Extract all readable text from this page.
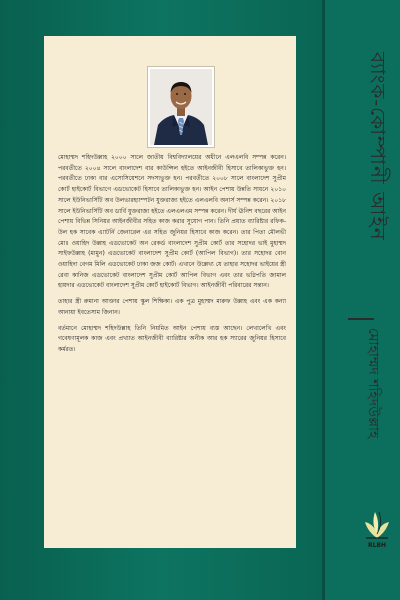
মোহাম্মদ শহিদউল্লাহ ২০০০ সালে জাতীয় বিশ্ববিদ্যালয়ের অধীনে এলএলবি সম্পন্ন করেন। পরবর্তীতে ২০০৪ সালে বাংলাদেশ বার কাউন্সিল হইতে আইনজীবী হিসাবে তালিকাভুক্ত হন। পরবর্তীতে ঢাকা বার এসোসিয়েশনে সদস্যভুক্ত হন। পরবর্তীতে ২০০৮ সালে বাংলাদেশ সুপ্রীম কোর্ট হাইকোর্ট বিভাগে এডভোকেট হিসাবে তালিকাভুক্ত হন। আইন পেশায় উন্নতি সাধনে ২০১০ সালে ইউনিভার্সিটি অব উলভারহ্যাম্পটন যুক্তরাজ্য হইতে এলএলবি অনার্স সম্পন্ন করেন। ২০১৮ সালে ইউনিভার্সিটি অব ডার্বি যুক্তরাজ্য হইতে এলএলএম সম্পন্ন করেন। দীর্ঘ ঊনিশ বছরের আইন পেশায় বিভিন্ন সিনিয়র আইনজীবীর সহিত কাজ করার সুযোগ পান। তিনি প্রয়াত ব্যারিষ্টার রফিক-উল হক সাবেক এ্যাটর্নি জেনারেল এর সহিত জুনিয়র হিসাবে কাজ করেন। তার পিতা মৌলভী মোঃ ওয়াহিদ উল্লাহ এডভোকেট অন রেকর্ড বাংলাদেশ সুপ্রীম কোর্ট তার সহোদর ভাই মুহাম্মদ সাইফউল্লাহ (মামুন) এডভোকেট বাংলাদেশ সুপ্রীম কোর্ট (আপিল বিভাগ)। তার সহোদর বোন ওয়াহিদা বেগম মিলি এডভোকেট ঢাকা জজ কোর্ট। এখানে উল্লেখ্য যে তাহার সহোদর ভাইয়ের স্ত্রী রেবা কানিজ এডভোকেট বাংলাদেশ সুপ্রীম কোর্ট আপিল বিভাগ এবং তার ভগ্নিপতি জামাল হায়দার এডভোকেট বাংলাদেশ সুপ্রীম কোর্ট হাইকোর্ট বিভাগ। আইনজীবী পরিবারের সন্তান।

তাহার স্ত্রী রুমানা আক্তার পেশায় স্কুল শিক্ষিকা। এক পুত্র মুহাম্মদ মারুফ উল্লাহ এবং এক কন্যা আনায়া ইবতেসাম জিনান।

বর্তমানে মোহাম্মদ শহিদউল্লাহ তিনি নিয়মিত আইন পেশায় ব্যস্ত আছেন। লেখালেখি এবং গবেষণামূলক কাজ এবং প্রখ্যাত আইনজীবী ব্যারিষ্টার অনীক আর হক স্যারের জুনিয়র হিসাবে কর্মরত।

ব্যাংক-কোম্পানী আইন
মোহাম্মদ শহিদউল্লাহ
RLBH
